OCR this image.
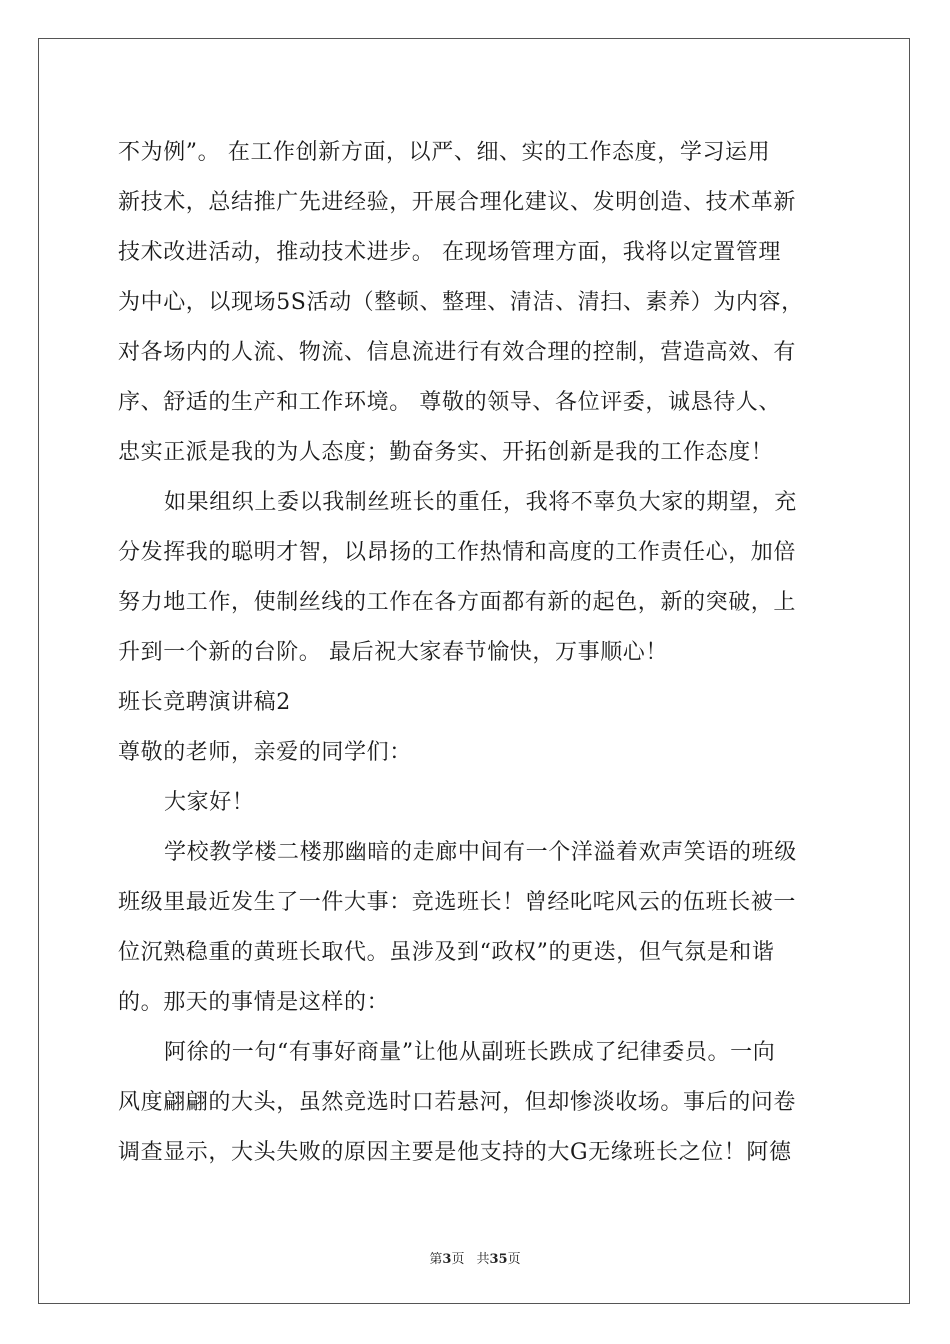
不为例”。 在工作创新方面，以严、细、实的工作态度，学习运用
新技术，总结推广先进经验，开展合理化建议、发明创造、技术革新
技术改进活动，推动技术进步。 在现场管理方面，我将以定置管理
为中心，以现场5S活动（整顿、整理、清洁、清扫、素养）为内容，
对各场内的人流、物流、信息流进行有效合理的控制，营造高效、有
序、舒适的生产和工作环境。 尊敬的领导、各位评委，诚恳待人、
忠实正派是我的为人态度；勤奋务实、开拓创新是我的工作态度！
如果组织上委以我制丝班长的重任，我将不辜负大家的期望，充
分发挥我的聪明才智，以昂扬的工作热情和高度的工作责任心，加倍
努力地工作，使制丝线的工作在各方面都有新的起色，新的突破，上
升到一个新的台阶。 最后祝大家春节愉快，万事顺心！
班长竞聘演讲稿2
尊敬的老师，亲爱的同学们：
大家好！
学校教学楼二楼那幽暗的走廊中间有一个洋溢着欢声笑语的班级
班级里最近发生了一件大事：竞选班长！曾经叱咤风云的伍班长被一
位沉熟稳重的黄班长取代。虽涉及到“政权”的更迭，但气氛是和谐
的。那天的事情是这样的：
阿徐的一句“有事好商量”让他从副班长跌成了纪律委员。一向
风度翩翩的大头，虽然竞选时口若悬河，但却惨淡收场。事后的问卷
调查显示，大头失败的原因主要是他支持的大G无缘班长之位！阿德
第3页 共35页
